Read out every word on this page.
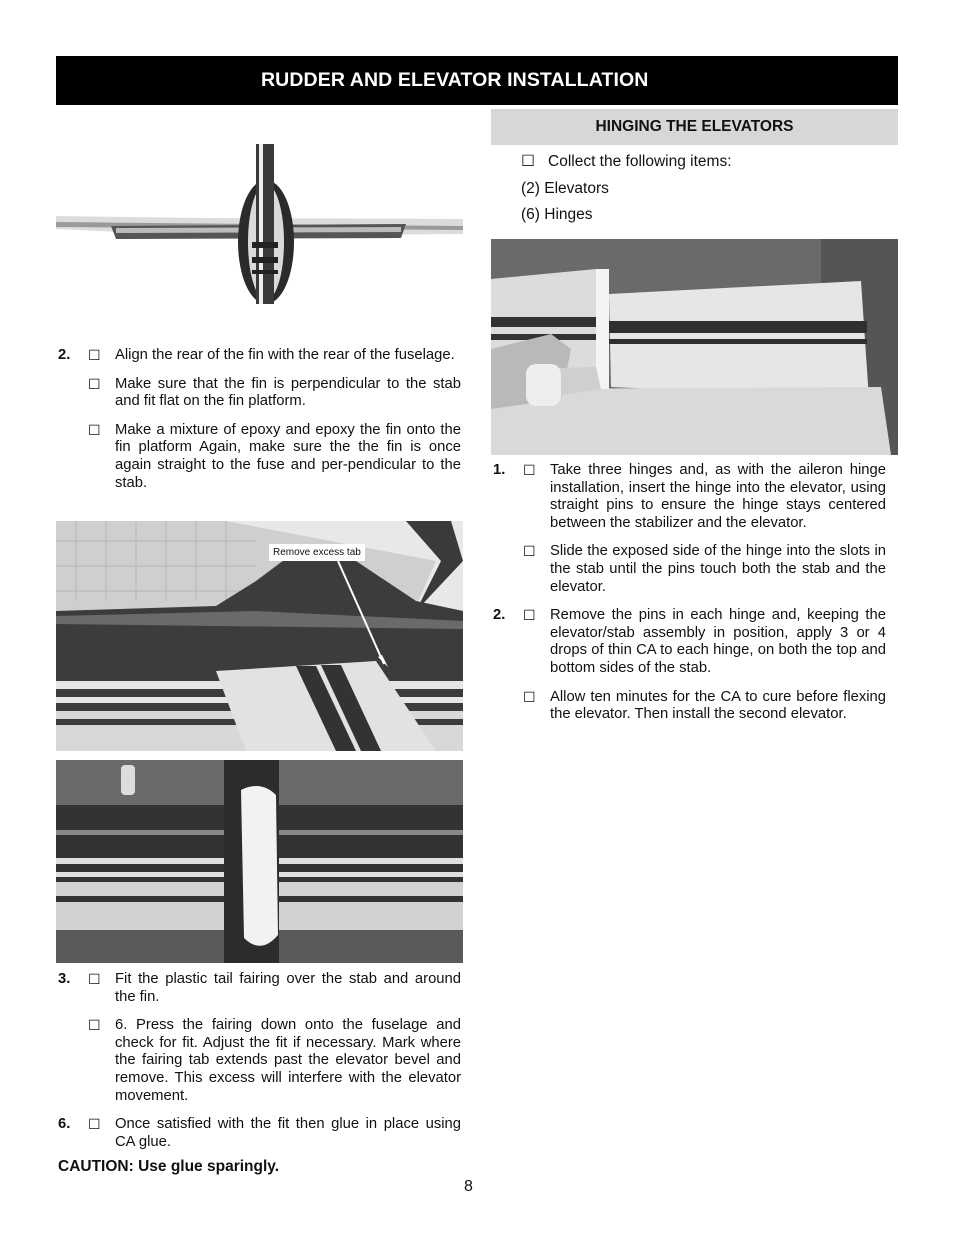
RUDDER AND ELEVATOR INSTALLATION
2.	☐ Align the rear of the fin with the rear of the fuselage.
☐ Make sure that the fin is perpendicular to the stab and fit flat on the fin platform.
☐ Make a mixture of epoxy and epoxy the fin onto the fin platform Again, make sure the the fin is once again straight to the fuse and per-pendicular to the stab.
Remove excess tab
3.	☐ Fit the plastic tail fairing over the stab and around the fin.
☐ 6. Press the fairing down onto the fuselage and check for fit. Adjust the fit if necessary. Mark where the fairing tab extends past the elevator bevel and remove. This excess will interfere with the elevator movement.
6.	☐ Once satisfied with the fit then glue in place using CA glue.
CAUTION: Use glue sparingly.
HINGING THE ELEVATORS
☐ Collect the following items:
(2) Elevators
(6) Hinges
1.	☐ Take three hinges and, as with the aileron hinge installation, insert the hinge into the elevator, using straight pins to ensure the hinge stays centered between the stabilizer and the elevator.
☐ Slide the exposed side of the hinge into the slots in the stab until the pins touch both the stab and the elevator.
2.	☐ Remove the pins in each hinge and, keeping the elevator/stab assembly in position, apply 3 or 4 drops of thin CA to each hinge, on both the top and bottom sides of the stab.
☐ Allow ten minutes for the CA to cure before flexing the elevator. Then install the second elevator.
8
